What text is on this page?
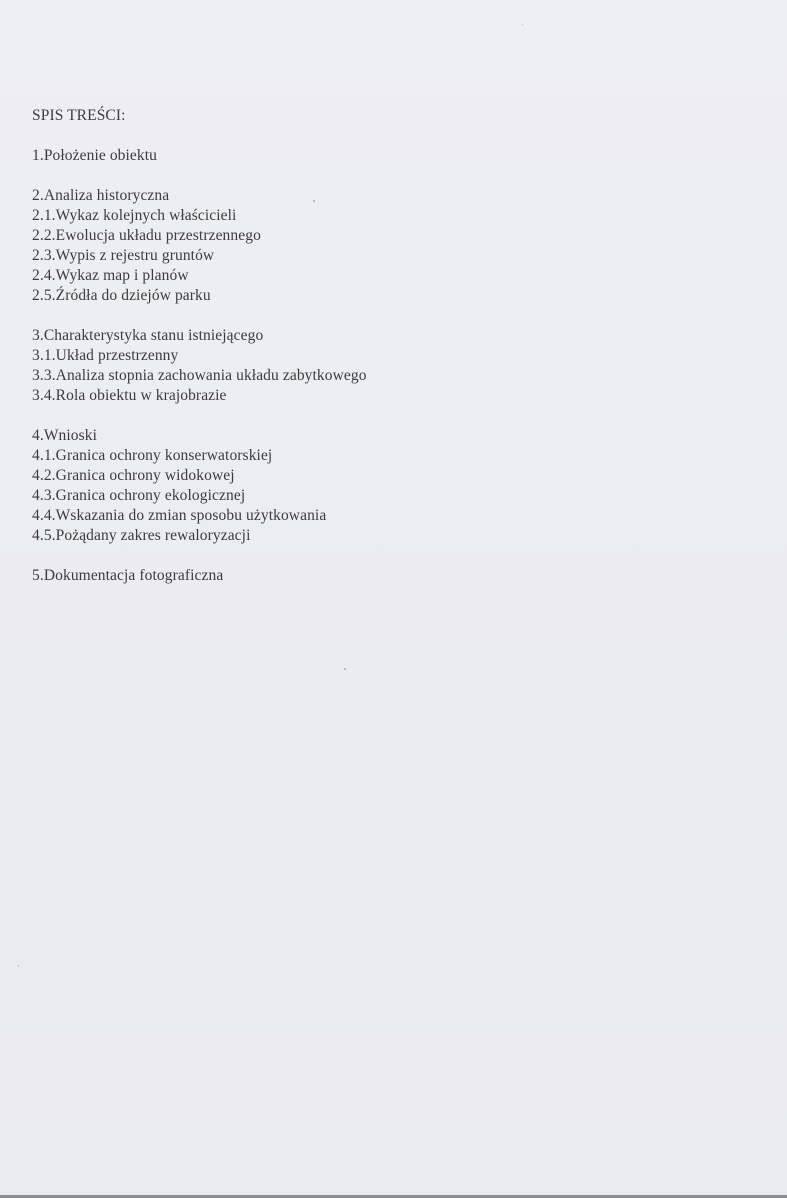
SPIS TREŚCI:
1.Położenie obiektu
2.Analiza historyczna
2.1.Wykaz kolejnych właścicieli
2.2.Ewolucja układu przestrzennego
2.3.Wypis z rejestru gruntów
2.4.Wykaz map i planów
2.5.Źródła do dziejów parku
3.Charakterystyka stanu istniejącego
3.1.Układ przestrzenny
3.3.Analiza stopnia zachowania układu zabytkowego
3.4.Rola obiektu w krajobrazie
4.Wnioski
4.1.Granica ochrony konserwatorskiej
4.2.Granica ochrony widokowej
4.3.Granica ochrony ekologicznej
4.4.Wskazania do zmian sposobu użytkowania
4.5.Pożądany zakres rewaloryzacji
5.Dokumentacja fotograficzna
